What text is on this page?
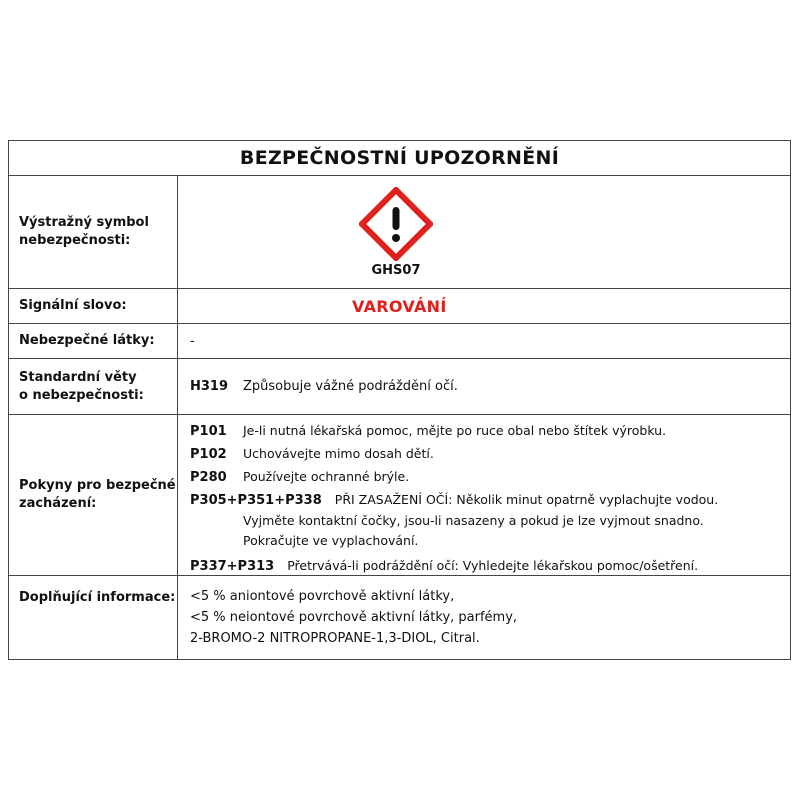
BEZPEČNOSTNÍ UPOZORNĚNÍ
Výstražný symbol
nebezpečnosti:
GHS07
Signální slovo:	VAROVÁNÍ
Nebezpečné látky:	-
Standardní věty
o nebezpečnosti:
H319	Způsobuje vážné podráždění očí.
Pokyny pro bezpečné
zacházení:
P101	Je-li nutná lékařská pomoc, mějte po ruce obal nebo štítek výrobku.
P102	Uchovávejte mimo dosah dětí.
P280	Používejte ochranné brýle.
P305+P351+P338 PŘI ZASAŽENÍ OČÍ: Několik minut opatrně vyplachujte vodou.
Vyjměte kontaktní čočky, jsou-li nasazeny a pokud je lze vyjmout snadno.
Pokračujte ve vyplachování.
P337+P313 Přetrvává-li podráždění očí: Vyhledejte lékařskou pomoc/ošetření.
Doplňující informace: <5 % aniontové povrchově aktivní látky,
<5 % neiontové povrchově aktivní látky, parfémy,
2-BROMO-2 NITROPROPANE-1,3-DIOL, Citral.
